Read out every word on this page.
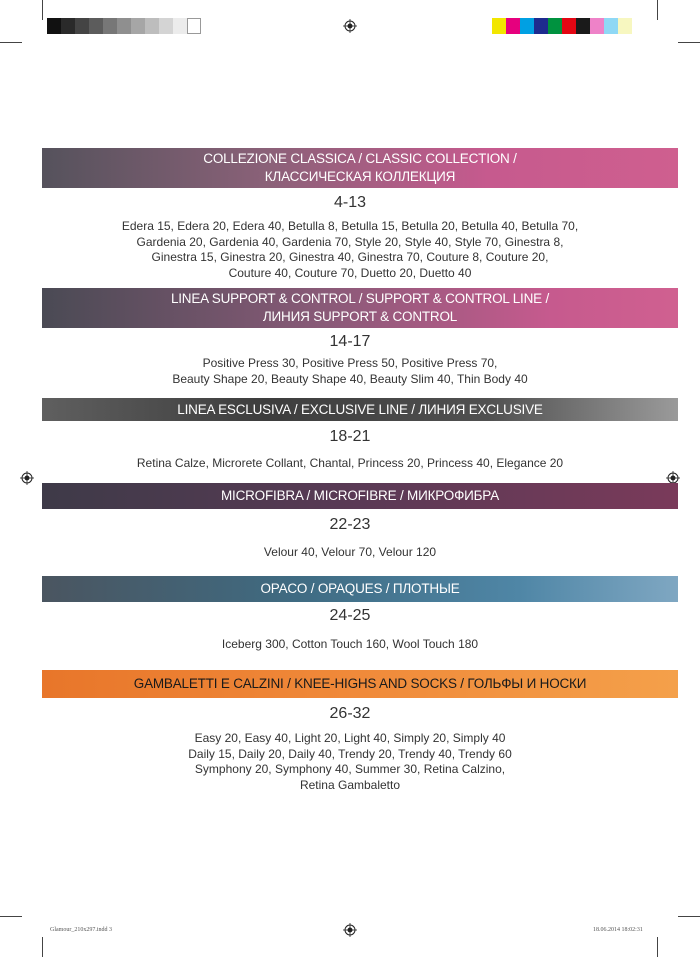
Glamour_210x297.indd 3	18.06.2014 18:02:31
COLLEZIONE CLASSICA / CLASSIC COLLECTION /
КЛАССИЧЕСКАЯ КОЛЛЕКЦИЯ
4-13
Edera 15, Edera 20, Edera 40, Betulla 8, Betulla 15, Betulla 20, Betulla 40, Betulla 70,
Gardenia 20, Gardenia 40, Gardenia 70, Style 20, Style 40, Style 70, Ginestra 8,
Ginestra 15, Ginestra 20, Ginestra 40, Ginestra 70, Couture 8, Couture 20,
Couture 40, Couture 70, Duetto 20, Duetto 40
LINEA SUPPORT & CONTROL / SUPPORT & CONTROL LINE /
ЛИНИЯ SUPPORT & CONTROL
14-17
Positive Press 30, Positive Press 50, Positive Press 70,
Beauty Shape 20, Beauty Shape 40, Beauty Slim 40, Thin Body 40
LINEA ESCLUSIVA / EXCLUSIVE LINE / ЛИНИЯ EXCLUSIVE
18-21
Retina Calze, Microrete Collant, Chantal, Princess 20, Princess 40, Elegance 20
MICROFIBRA / MICROFIBRE / МИКРОФИБРА
22-23
Velour 40, Velour 70, Velour 120
OPACO / OPAQUES / ПЛОТНЫЕ
24-25
Iceberg 300, Cotton Touch 160, Wool Touch 180
GAMBALETTI E CALZINI / KNEE-HIGHS AND SOCKS / ГОЛЬФЫ И НОСКИ
26-32
Easy 20, Easy 40, Light 20, Light 40, Simply 20, Simply 40
Daily 15, Daily 20, Daily 40, Trendy 20, Trendy 40, Trendy 60
Symphony 20, Symphony 40, Summer 30, Retina Calzino,
Retina Gambaletto
